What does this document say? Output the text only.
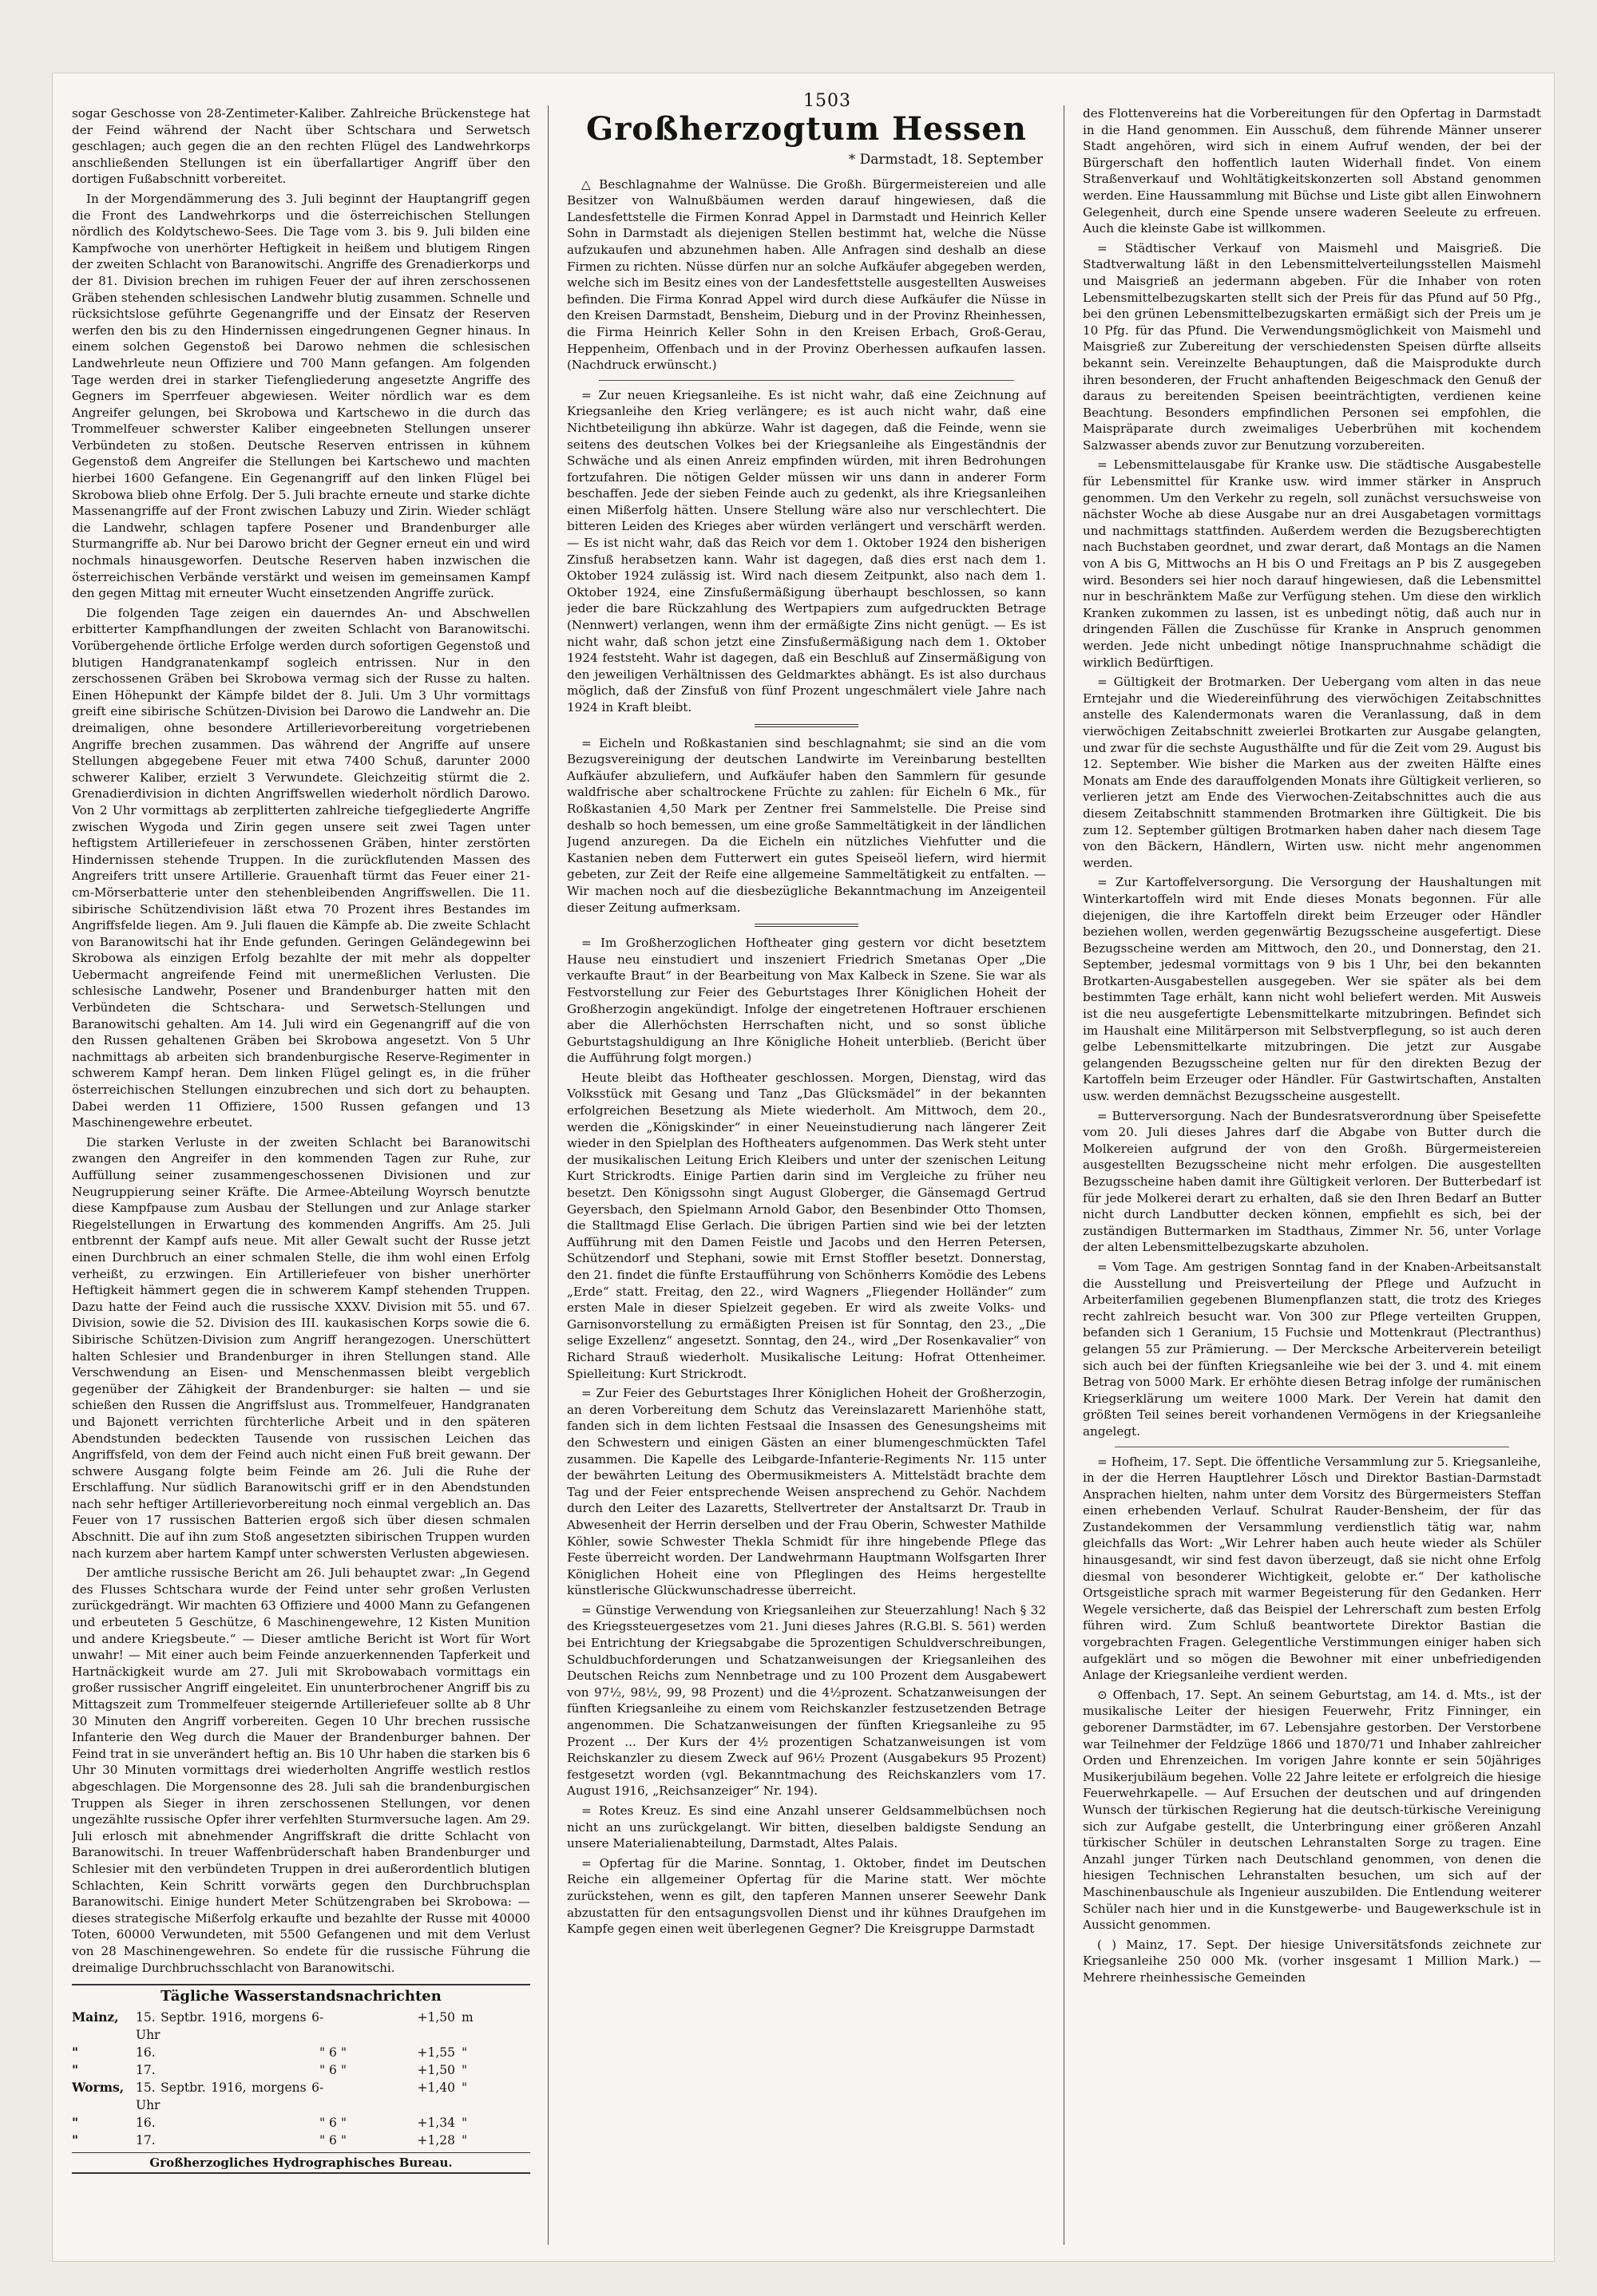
1503

sogar Geschosse von 28-Zentimeter-Kaliber. Zahlreiche Brückenstege hat der Feind während der Nacht über Schtschara und Serwetsch geschlagen; auch gegen die an den rechten Flügel des Landwehrkorps anschließenden Stellungen ist ein überfallartiger Angriff über den dortigen Fußabschnitt vorbereitet.

In der Morgendämmerung des 3. Juli beginnt der Hauptangriff gegen die Front des Landwehrkorps und die österreichischen Stellungen nördlich des Koldytschewo-Sees. Die Tage vom 3. bis 9. Juli bilden eine Kampfwoche von unerhörter Heftigkeit in heißem und blutigem Ringen der zweiten Schlacht von Baranowitschi. Angriffe des Grenadierkorps und der 81. Division brechen im ruhigen Feuer der auf ihren zerschossenen Gräben stehenden schlesischen Landwehr blutig zusammen. Schnelle und rücksichtslose geführte Gegenangriffe und der Einsatz der Reserven werfen den bis zu den Hindernissen eingedrungenen Gegner hinaus. In einem solchen Gegenstoß bei Darowo nehmen die schlesischen Landwehrleute neun Offiziere und 700 Mann gefangen. Am folgenden Tage werden drei in starker Tiefengliederung angesetzte Angriffe des Gegners im Sperrfeuer abgewiesen. Weiter nördlich war es dem Angreifer gelungen, bei Skrobowa und Kartschewo in die durch das Trommelfeuer schwerster Kaliber eingeebneten Stellungen unserer Verbündeten zu stoßen. Deutsche Reserven entrissen in kühnem Gegenstoß dem Angreifer die Stellungen bei Kartschewo und machten hierbei 1600 Gefangene. Ein Gegenangriff auf den linken Flügel bei Skrobowa blieb ohne Erfolg. Der 5. Juli brachte erneute und starke dichte Massenangriffe auf der Front zwischen Labuzy und Zirin. Wieder schlägt die Landwehr, schlagen tapfere Posener und Brandenburger alle Sturmangriffe ab. Nur bei Darowo bricht der Gegner erneut ein und wird nochmals hinausgeworfen. Deutsche Reserven haben inzwischen die österreichischen Verbände verstärkt und weisen im gemeinsamen Kampf den gegen Mittag mit erneuter Wucht einsetzenden Angriffe zurück.

Die folgenden Tage zeigen ein dauerndes An- und Abschwellen erbitterter Kampfhandlungen der zweiten Schlacht von Baranowitschi. Vorübergehende örtliche Erfolge werden durch sofortigen Gegenstoß und blutigen Handgranatenkampf sogleich entrissen. Nur in den zerschossenen Gräben bei Skrobowa vermag sich der Russe zu halten. Einen Höhepunkt der Kämpfe bildet der 8. Juli. Um 3 Uhr vormittags greift eine sibirische Schützen-Division bei Darowo die Landwehr an. Die dreimaligen, ohne besondere Artillerievorbereitung vorgetriebenen Angriffe brechen zusammen. Das während der Angriffe auf unsere Stellungen abgegebene Feuer mit etwa 7400 Schuß, darunter 2000 schwerer Kaliber, erzielt 3 Verwundete. Gleichzeitig stürmt die 2. Grenadierdivision in dichten Angriffswellen wiederholt nördlich Darowo. Von 2 Uhr vormittags ab zerplitterten zahlreiche tiefgegliederte Angriffe zwischen Wygoda und Zirin gegen unsere seit zwei Tagen unter heftigstem Artilleriefeuer in zerschossenen Gräben, hinter zerstörten Hindernissen stehende Truppen. In die zurückflutenden Massen des Angreifers tritt unsere Artillerie. Grauenhaft türmt das Feuer einer 21-cm-Mörserbatterie unter den stehenbleibenden Angriffswellen. Die 11. sibirische Schützendivision läßt etwa 70 Prozent ihres Bestandes im Angriffsfelde liegen. Am 9. Juli flauen die Kämpfe ab. Die zweite Schlacht von Baranowitschi hat ihr Ende gefunden. Geringen Geländegewinn bei Skrobowa als einzigen Erfolg bezahlte der mit mehr als doppelter Uebermacht angreifende Feind mit unermeßlichen Verlusten. Die schlesische Landwehr, Posener und Brandenburger hatten mit den Verbündeten die Schtschara- und Serwetsch-Stellungen und Baranowitschi gehalten. Am 14. Juli wird ein Gegenangriff auf die von den Russen gehaltenen Gräben bei Skrobowa angesetzt. Von 5 Uhr nachmittags ab arbeiten sich brandenburgische Reserve-Regimenter in schwerem Kampf heran. Dem linken Flügel gelingt es, in die früher österreichischen Stellungen einzubrechen und sich dort zu behaupten. Dabei werden 11 Offiziere, 1500 Russen gefangen und 13 Maschinengewehre erbeutet.

Die starken Verluste in der zweiten Schlacht bei Baranowitschi zwangen den Angreifer in den kommenden Tagen zur Ruhe, zur Auffüllung seiner zusammengeschossenen Divisionen und zur Neugruppierung seiner Kräfte. Die Armee-Abteilung Woyrsch benutzte diese Kampfpause zum Ausbau der Stellungen und zur Anlage starker Riegelstellungen in Erwartung des kommenden Angriffs. Am 25. Juli entbrennt der Kampf aufs neue. Mit aller Gewalt sucht der Russe jetzt einen Durchbruch an einer schmalen Stelle, die ihm wohl einen Erfolg verheißt, zu erzwingen. Ein Artilleriefeuer von bisher unerhörter Heftigkeit hämmert gegen die in schwerem Kampf stehenden Truppen. Dazu hatte der Feind auch die russische XXXV. Division mit 55. und 67. Division, sowie die 52. Division des III. kaukasischen Korps sowie die 6. Sibirische Schützen-Division zum Angriff herangezogen. Unerschüttert halten Schlesier und Brandenburger in ihren Stellungen stand. Alle Verschwendung an Eisen- und Menschenmassen bleibt vergeblich gegenüber der Zähigkeit der Brandenburger: sie halten — und sie schießen den Russen die Angriffslust aus. Trommelfeuer, Handgranaten und Bajonett verrichten fürchterliche Arbeit und in den späteren Abendstunden bedeckten Tausende von russischen Leichen das Angriffsfeld, von dem der Feind auch nicht einen Fuß breit gewann. Der schwere Ausgang folgte beim Feinde am 26. Juli die Ruhe der Erschlaffung. Nur südlich Baranowitschi griff er in den Abendstunden nach sehr heftiger Artillerievorbereitung noch einmal vergeblich an. Das Feuer von 17 russischen Batterien ergoß sich über diesen schmalen Abschnitt. Die auf ihn zum Stoß angesetzten sibirischen Truppen wurden nach kurzem aber hartem Kampf unter schwersten Verlusten abgewiesen.

Der amtliche russische Bericht am 26. Juli behauptet zwar: „In Gegend des Flusses Schtschara wurde der Feind unter sehr großen Verlusten zurückgedrängt. Wir machten 63 Offiziere und 4000 Mann zu Gefangenen und erbeuteten 5 Geschütze, 6 Maschinengewehre, 12 Kisten Munition und andere Kriegsbeute.“ — Dieser amtliche Bericht ist Wort für Wort unwahr! — Mit einer auch beim Feinde anzuerkennenden Tapferkeit und Hartnäckigkeit wurde am 27. Juli mit Skrobowabach vormittags ein großer russischer Angriff eingeleitet. Ein ununterbrochener Angriff bis zu Mittagszeit zum Trommelfeuer steigernde Artilleriefeuer sollte ab 8 Uhr 30 Minuten den Angriff vorbereiten. Gegen 10 Uhr brechen russische Infanterie den Weg durch die Mauer der Brandenburger bahnen. Der Feind trat in sie unverändert heftig an. Bis 10 Uhr haben die starken bis 6 Uhr 30 Minuten vormittags drei wiederholten Angriffe westlich restlos abgeschlagen. Die Morgensonne des 28. Juli sah die brandenburgischen Truppen als Sieger in ihren zerschossenen Stellungen, vor denen ungezählte russische Opfer ihrer verfehlten Sturmversuche lagen. Am 29. Juli erlosch mit abnehmender Angriffskraft die dritte Schlacht von Baranowitschi. In treuer Waffenbrüderschaft haben Brandenburger und Schlesier mit den verbündeten Truppen in drei außerordentlich blutigen Schlachten, Kein Schritt vorwärts gegen den Durchbruchsplan Baranowitschi. Einige hundert Meter Schützengraben bei Skrobowa: — dieses strategische Mißerfolg erkaufte und bezahlte der Russe mit 40000 Toten, 60000 Verwundeten, mit 5500 Gefangenen und mit dem Verlust von 28 Maschinengewehren. So endete für die russische Führung die dreimalige Durchbruchsschlacht von Baranowitschi.

Tägliche Wasserstandsnachrichten
Mainz,	15. Septbr. 1916, morgens 6 Uhr
-	+1,50 m
"	16.	" 6 "	+1,55 "
"	17.	" 6 "	+1,50 "
Worms, 15. Septbr. 1916, morgens 6 Uhr
-	+1,40 "
"	16.	" 6 "	+1,34 "
"	17.	" 6 "	+1,28 "
Großherzogliches Hydrographisches Bureau.
Großherzogtum Hessen
* Darmstadt, 18. September

△ Beschlagnahme der Walnüsse. Die Großh. Bürgermeistereien und alle Besitzer von Walnußbäumen werden darauf hingewiesen, daß die Landesfettstelle die Firmen Konrad Appel in Darmstadt und Heinrich Keller Sohn in Darmstadt als diejenigen Stellen bestimmt hat, welche die Nüsse aufzukaufen und abzunehmen haben. Alle Anfragen sind deshalb an diese Firmen zu richten. Nüsse dürfen nur an solche Aufkäufer abgegeben werden, welche sich im Besitz eines von der Landesfettstelle ausgestellten Ausweises befinden. Die Firma Konrad Appel wird durch diese Aufkäufer die Nüsse in den Kreisen Darmstadt, Bensheim, Dieburg und in der Provinz Rheinhessen, die Firma Heinrich Keller Sohn in den Kreisen Erbach, Groß-Gerau, Heppenheim, Offenbach und in der Provinz Oberhessen aufkaufen lassen. (Nachdruck erwünscht.)

= Zur neuen Kriegsanleihe. Es ist nicht wahr, daß eine Zeichnung auf Kriegsanleihe den Krieg verlängere; es ist auch nicht wahr, daß eine Nichtbeteiligung ihn abkürze. Wahr ist dagegen, daß die Feinde, wenn sie seitens des deutschen Volkes bei der Kriegsanleihe als Eingeständnis der Schwäche und als einen Anreiz empfinden würden, mit ihren Bedrohungen fortzufahren. Die nötigen Gelder müssen wir uns dann in anderer Form beschaffen. Jede der sieben Feinde auch zu gedenkt, als ihre Kriegsanleihen einen Mißerfolg hätten. Unsere Stellung wäre also nur verschlechtert. Die bitteren Leiden des Krieges aber würden verlängert und verschärft werden. — Es ist nicht wahr, daß das Reich vor dem 1. Oktober 1924 den bisherigen Zinsfuß herabsetzen kann. Wahr ist dagegen, daß dies erst nach dem 1. Oktober 1924 zulässig ist. Wird nach diesem Zeitpunkt, also nach dem 1. Oktober 1924, eine Zinsfußermäßigung überhaupt beschlossen, so kann jeder die bare Rückzahlung des Wertpapiers zum aufgedruckten Betrage (Nennwert) verlangen, wenn ihm der ermäßigte Zins nicht genügt. — Es ist nicht wahr, daß schon jetzt eine Zinsfußermäßigung nach dem 1. Oktober 1924 feststeht. Wahr ist dagegen, daß ein Beschluß auf Zinsermäßigung von den jeweiligen Verhältnissen des Geldmarktes abhängt. Es ist also durchaus möglich, daß der Zinsfuß von fünf Prozent ungeschmälert viele Jahre nach 1924 in Kraft bleibt.

= Eicheln und Roßkastanien sind beschlagnahmt; sie sind an die vom Bezugsvereinigung der deutschen Landwirte im Vereinbarung bestellten Aufkäufer abzuliefern, und Aufkäufer haben den Sammlern für gesunde waldfrische aber schaltrockene Früchte zu zahlen: für Eicheln 6 Mk., für Roßkastanien 4,50 Mark per Zentner frei Sammelstelle. Die Preise sind deshalb so hoch bemessen, um eine große Sammeltätigkeit in der ländlichen Jugend anzuregen. Da die Eicheln ein nützliches Viehfutter und die Kastanien neben dem Futterwert ein gutes Speiseöl liefern, wird hiermit gebeten, zur Zeit der Reife eine allgemeine Sammeltätigkeit zu entfalten. — Wir machen noch auf die diesbezügliche Bekanntmachung im Anzeigenteil dieser Zeitung aufmerksam.

= Im Großherzoglichen Hoftheater ging gestern vor dicht besetztem Hause neu einstudiert und inszeniert Friedrich Smetanas Oper „Die verkaufte Braut“ in der Bearbeitung von Max Kalbeck in Szene. Sie war als Festvorstellung zur Feier des Geburtstages Ihrer Königlichen Hoheit der Großherzogin angekündigt. Infolge der eingetretenen Hoftrauer erschienen aber die Allerhöchsten Herrschaften nicht, und so sonst übliche Geburtstagshuldigung an Ihre Königliche Hoheit unterblieb. (Bericht über die Aufführung folgt morgen.)

Heute bleibt das Hoftheater geschlossen. Morgen, Dienstag, wird das Volksstück mit Gesang und Tanz „Das Glücksmädel“ in der bekannten erfolgreichen Besetzung als Miete wiederholt. Am Mittwoch, dem 20., werden die „Königskinder“ in einer Neueinstudierung nach längerer Zeit wieder in den Spielplan des Hoftheaters aufgenommen. Das Werk steht unter der musikalischen Leitung Erich Kleibers und unter der szenischen Leitung Kurt Strickrodts. Einige Partien darin sind im Vergleiche zu früher neu besetzt. Den Königssohn singt August Globerger, die Gänsemagd Gertrud Geyersbach, den Spielmann Arnold Gabor, den Besenbinder Otto Thomsen, die Stalltmagd Elise Gerlach. Die übrigen Partien sind wie bei der letzten Aufführung mit den Damen Feistle und Jacobs und den Herren Petersen, Schützendorf und Stephani, sowie mit Ernst Stoffler besetzt. Donnerstag, den 21. findet die fünfte Erstaufführung von Schönherrs Komödie des Lebens „Erde“ statt. Freitag, den 22., wird Wagners „Fliegender Holländer“ zum ersten Male in dieser Spielzeit gegeben. Er wird als zweite Volks- und Garnisonvorstellung zu ermäßigten Preisen ist für Sonntag, den 23., „Die selige Exzellenz“ angesetzt. Sonntag, den 24., wird „Der Rosenkavalier“ von Richard Strauß wiederholt. Musikalische Leitung: Hofrat Ottenheimer. Spielleitung: Kurt Strickrodt.

= Zur Feier des Geburtstages Ihrer Königlichen Hoheit der Großherzogin, an deren Vorbereitung dem Schutz das Vereinslazarett Marienhöhe statt, fanden sich in dem lichten Festsaal die Insassen des Genesungsheims mit den Schwestern und einigen Gästen an einer blumengeschmückten Tafel zusammen. Die Kapelle des Leibgarde-Infanterie-Regiments Nr. 115 unter der bewährten Leitung des Obermusikmeisters A. Mittelstädt brachte dem Tag und der Feier entsprechende Weisen ansprechend zu Gehör. Nachdem durch den Leiter des Lazaretts, Stellvertreter der Anstaltsarzt Dr. Traub in Abwesenheit der Herrin derselben und der Frau Oberin, Schwester Mathilde Köhler, sowie Schwester Thekla Schmidt für ihre hingebende Pflege das Feste überreicht worden. Der Landwehrmann Hauptmann Wolfsgarten Ihrer Königlichen Hoheit eine von Pfleglingen des Heims hergestellte künstlerische Glückwunschadresse überreicht.

= Günstige Verwendung von Kriegsanleihen zur Steuerzahlung! Nach § 32 des Kriegssteuergesetzes vom 21. Juni dieses Jahres (R.G.Bl. S. 561) werden bei Entrichtung der Kriegsabgabe die 5prozentigen Schuldverschreibungen, Schuldbuchforderungen und Schatzanweisungen der Kriegsanleihen des Deutschen Reichs zum Nennbetrage und zu 100 Prozent dem Ausgabewert von 97½, 98½, 99, 98 Prozent) und die 4½prozent. Schatzanweisungen der fünften Kriegsanleihe zu einem vom Reichskanzler festzusetzenden Betrage angenommen. Die Schatzanweisungen der fünften Kriegsanleihe zu 95 Prozent ... Der Kurs der 4½ prozentigen Schatzanweisungen ist vom Reichskanzler zu diesem Zweck auf 96½ Prozent (Ausgabekurs 95 Prozent) festgesetzt worden (vgl. Bekanntmachung des Reichskanzlers vom 17. August 1916, „Reichsanzeiger“ Nr. 194).

= Rotes Kreuz. Es sind eine Anzahl unserer Geldsammelbüchsen noch nicht an uns zurückgelangt. Wir bitten, dieselben baldigste Sendung an unsere Materialienabteilung, Darmstadt, Altes Palais.

= Opfertag für die Marine. Sonntag, 1. Oktober, findet im Deutschen Reiche ein allgemeiner Opfertag für die Marine statt. Wer möchte zurückstehen, wenn es gilt, den tapferen Mannen unserer Seewehr Dank abzustatten für den entsagungsvollen Dienst und ihr kühnes Draufgehen im Kampfe gegen einen weit überlegenen Gegner? Die Kreisgruppe Darmstadt

des Flottenvereins hat die Vorbereitungen für den Opfertag in Darmstadt in die Hand genommen. Ein Ausschuß, dem führende Männer unserer Stadt angehören, wird sich in einem Aufruf wenden, der bei der Bürgerschaft den hoffentlich lauten Widerhall findet. Von einem Straßenverkauf und Wohltätigkeitskonzerten soll Abstand genommen werden. Eine Haussammlung mit Büchse und Liste gibt allen Einwohnern Gelegenheit, durch eine Spende unsere waderen Seeleute zu erfreuen. Auch die kleinste Gabe ist willkommen.

= Städtischer Verkauf von Maismehl und Maisgrieß. Die Stadtverwaltung läßt in den Lebensmittelverteilungsstellen Maismehl und Maisgrieß an jedermann abgeben. Für die Inhaber von roten Lebensmittelbezugskarten stellt sich der Preis für das Pfund auf 50 Pfg., bei den grünen Lebensmittelbezugskarten ermäßigt sich der Preis um je 10 Pfg. für das Pfund. Die Verwendungsmöglichkeit von Maismehl und Maisgrieß zur Zubereitung der verschiedensten Speisen dürfte allseits bekannt sein. Vereinzelte Behauptungen, daß die Maisprodukte durch ihren besonderen, der Frucht anhaftenden Beigeschmack den Genuß der daraus zu bereitenden Speisen beeinträchtigten, verdienen keine Beachtung. Besonders empfindlichen Personen sei empfohlen, die Maispräparate durch zweimaliges Ueberbrühen mit kochendem Salzwasser abends zuvor zur Benutzung vorzubereiten.

= Lebensmittelausgabe für Kranke usw. Die städtische Ausgabestelle für Lebensmittel für Kranke usw. wird immer stärker in Anspruch genommen. Um den Verkehr zu regeln, soll zunächst versuchsweise von nächster Woche ab diese Ausgabe nur an drei Ausgabetagen vormittags und nachmittags stattfinden. Außerdem werden die Bezugsberechtigten nach Buchstaben geordnet, und zwar derart, daß Montags an die Namen von A bis G, Mittwochs an H bis O und Freitags an P bis Z ausgegeben wird. Besonders sei hier noch darauf hingewiesen, daß die Lebensmittel nur in beschränktem Maße zur Verfügung stehen. Um diese den wirklich Kranken zukommen zu lassen, ist es unbedingt nötig, daß auch nur in dringenden Fällen die Zuschüsse für Kranke in Anspruch genommen werden. Jede nicht unbedingt nötige Inanspruchnahme schädigt die wirklich Bedürftigen.

= Gültigkeit der Brotmarken. Der Uebergang vom alten in das neue Erntejahr und die Wiedereinführung des vierwöchigen Zeitabschnittes anstelle des Kalendermonats waren die Veranlassung, daß in dem vierwöchigen Zeitabschnitt zweierlei Brotkarten zur Ausgabe gelangten, und zwar für die sechste Augusthälfte und für die Zeit vom 29. August bis 12. September. Wie bisher die Marken aus der zweiten Hälfte eines Monats am Ende des darauffolgenden Monats ihre Gültigkeit verlieren, so verlieren jetzt am Ende des Vierwochen-Zeitabschnittes auch die aus diesem Zeitabschnitt stammenden Brotmarken ihre Gültigkeit. Die bis zum 12. September gültigen Brotmarken haben daher nach diesem Tage von den Bäckern, Händlern, Wirten usw. nicht mehr angenommen werden.

= Zur Kartoffelversorgung. Die Versorgung der Haushaltungen mit Winterkartoffeln wird mit Ende dieses Monats begonnen. Für alle diejenigen, die ihre Kartoffeln direkt beim Erzeuger oder Händler beziehen wollen, werden gegenwärtig Bezugsscheine ausgefertigt. Diese Bezugsscheine werden am Mittwoch, den 20., und Donnerstag, den 21. September, jedesmal vormittags von 9 bis 1 Uhr, bei den bekannten Brotkarten-Ausgabestellen ausgegeben. Wer sie später als bei dem bestimmten Tage erhält, kann nicht wohl beliefert werden. Mit Ausweis ist die neu ausgefertigte Lebensmittelkarte mitzubringen. Befindet sich im Haushalt eine Militärperson mit Selbstverpflegung, so ist auch deren gelbe Lebensmittelkarte mitzubringen. Die jetzt zur Ausgabe gelangenden Bezugsscheine gelten nur für den direkten Bezug der Kartoffeln beim Erzeuger oder Händler. Für Gastwirtschaften, Anstalten usw. werden demnächst Bezugsscheine ausgestellt.

= Butterversorgung. Nach der Bundesratsverordnung über Speisefette vom 20. Juli dieses Jahres darf die Abgabe von Butter durch die Molkereien aufgrund der von den Großh. Bürgermeistereien ausgestellten Bezugsscheine nicht mehr erfolgen. Die ausgestellten Bezugsscheine haben damit ihre Gültigkeit verloren. Der Butterbedarf ist für jede Molkerei derart zu erhalten, daß sie den Ihren Bedarf an Butter nicht durch Landbutter decken können, empfiehlt es sich, bei der zuständigen Buttermarken im Stadthaus, Zimmer Nr. 56, unter Vorlage der alten Lebensmittelbezugskarte abzuholen.

= Vom Tage. Am gestrigen Sonntag fand in der Knaben-Arbeitsanstalt die Ausstellung und Preisverteilung der Pflege und Aufzucht in Arbeiterfamilien gegebenen Blumenpflanzen statt, die trotz des Krieges recht zahlreich besucht war. Von 300 zur Pflege verteilten Gruppen, befanden sich 1 Geranium, 15 Fuchsie und Mottenkraut (Plectranthus) gelangen 55 zur Prämierung. — Der Mercksche Arbeiterverein beteiligt sich auch bei der fünften Kriegsanleihe wie bei der 3. und 4. mit einem Betrag von 5000 Mark. Er erhöhte diesen Betrag infolge der rumänischen Kriegserklärung um weitere 1000 Mark. Der Verein hat damit den größten Teil seines bereit vorhandenen Vermögens in der Kriegsanleihe angelegt.

= Hofheim, 17. Sept. Die öffentliche Versammlung zur 5. Kriegsanleihe, in der die Herren Hauptlehrer Lösch und Direktor Bastian-Darmstadt Ansprachen hielten, nahm unter dem Vorsitz des Bürgermeisters Steffan einen erhebenden Verlauf. Schulrat Rauder-Bensheim, der für das Zustandekommen der Versammlung verdienstlich tätig war, nahm gleichfalls das Wort: „Wir Lehrer haben auch heute wieder als Schüler hinausgesandt, wir sind fest davon überzeugt, daß sie nicht ohne Erfolg diesmal von besonderer Wichtigkeit, gelobte er.“ Der katholische Ortsgeistliche sprach mit warmer Begeisterung für den Gedanken. Herr Wegele versicherte, daß das Beispiel der Lehrerschaft zum besten Erfolg führen wird. Zum Schluß beantwortete Direktor Bastian die vorgebrachten Fragen. Gelegentliche Verstimmungen einiger haben sich aufgeklärt und so mögen die Bewohner mit einer unbefriedigenden Anlage der Kriegsanleihe verdient werden.

⊙ Offenbach, 17. Sept. An seinem Geburtstag, am 14. d. Mts., ist der musikalische Leiter der hiesigen Feuerwehr, Fritz Finninger, ein geborener Darmstädter, im 67. Lebensjahre gestorben. Der Verstorbene war Teilnehmer der Feldzüge 1866 und 1870/71 und Inhaber zahlreicher Orden und Ehrenzeichen. Im vorigen Jahre konnte er sein 50jähriges Musikerjubiläum begehen. Volle 22 Jahre leitete er erfolgreich die hiesige Feuerwehrkapelle. — Auf Ersuchen der deutschen und auf dringenden Wunsch der türkischen Regierung hat die deutsch-türkische Vereinigung sich zur Aufgabe gestellt, die Unterbringung einer größeren Anzahl türkischer Schüler in deutschen Lehranstalten Sorge zu tragen. Eine Anzahl junger Türken nach Deutschland genommen, von denen die hiesigen Technischen Lehranstalten besuchen, um sich auf der Maschinenbauschule als Ingenieur auszubilden. Die Entlendung weiterer Schüler nach hier und in die Kunstgewerbe- und Baugewerkschule ist in Aussicht genommen.

( ) Mainz, 17. Sept. Der hiesige Universitätsfonds zeichnete zur Kriegsanleihe 250 000 Mk. (vorher insgesamt 1 Million Mark.) — Mehrere rheinhessische Gemeinden
